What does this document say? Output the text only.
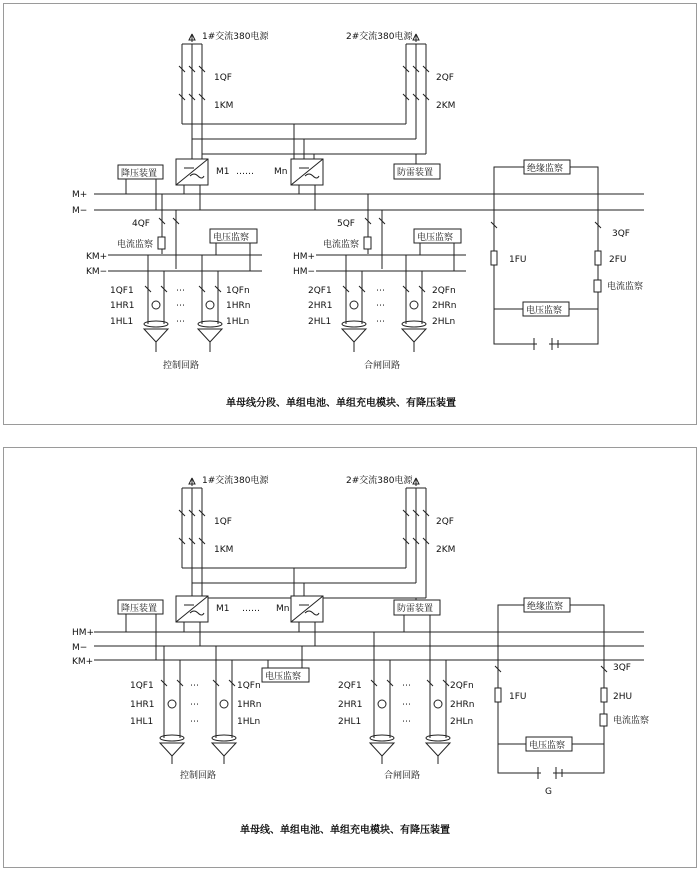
1#交流380电源
1QF
1KM
2#交流380电源
2QF
2KM
M1 …… Mn
降压装置	防雷装置
M+
M−
4QF
电流监察
5QF
电流监察
电压监察	电压监察
KM+
KM−
HM+
HM−
1QF1
1HR1
1HL1
1QFn
1HRn
1HLn
⋯
⋯
⋯
控制回路
2QF1
2HR1
2HL1
2QFn
2HRn
2HLn
⋯
⋯
⋯
合闸回路
绝缘监察
3QF
1FU	2FU
电流监察
电压监察
单母线分段、单组电池、单组充电模块、有降压装置
1#交流380电源
1QF
1KM
2#交流380电源
2QF
2KM
M1 …… Mn
降压装置	防雷装置
HM+
M−
KM+
电压监察
1QF1
1HR1
1HL1
1QFn
1HRn
1HLn
⋯
⋯
⋯
控制回路
2QF1
2HR1
2HL1
2QFn
2HRn
2HLn
⋯
⋯
⋯
合闸回路
绝缘监察
3QF
1FU	2HU
电流监察
电压监察
G
单母线、单组电池、单组充电模块、有降压装置
